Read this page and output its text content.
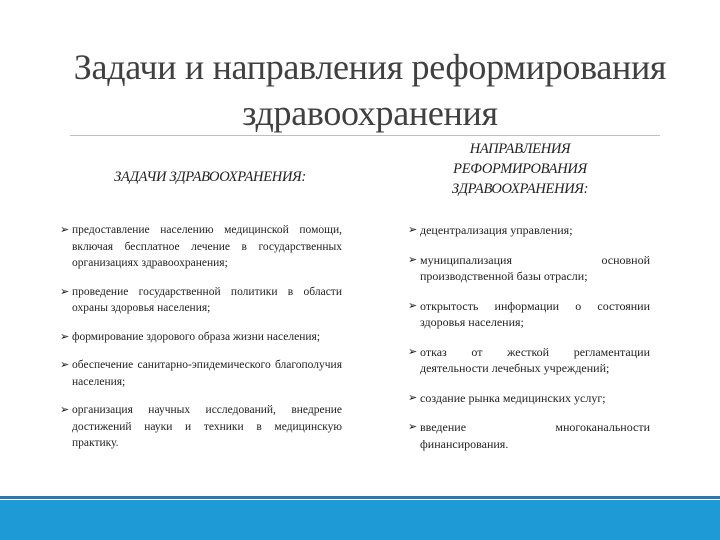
Задачи и направления реформирования здравоохранения
ЗАДАЧИ ЗДРАВООХРАНЕНИЯ:
НАПРАВЛЕНИЯ РЕФОРМИРОВАНИЯ ЗДРАВООХРАНЕНИЯ:
➢ предоставление населению медицинской помощи, включая бесплатное лечение в государственных организациях здравоохранения;
➢ проведение государственной политики в области охраны здоровья населения;
➢ формирование здорового образа жизни населения;
➢ обеспечение санитарно-эпидемического благополучия населения;
➢ организация научных исследований, внедрение достижений науки и техники в медицинскую практику.
➢ децентрализация управления;
➢ муниципализация основной производственной базы отрасли;
➢ открытость информации о состоянии здоровья населения;
➢ отказ от жесткой регламентации деятельности лечебных учреждений;
➢ создание рынка медицинских услуг;
➢ введение многоканальности финансирования.
